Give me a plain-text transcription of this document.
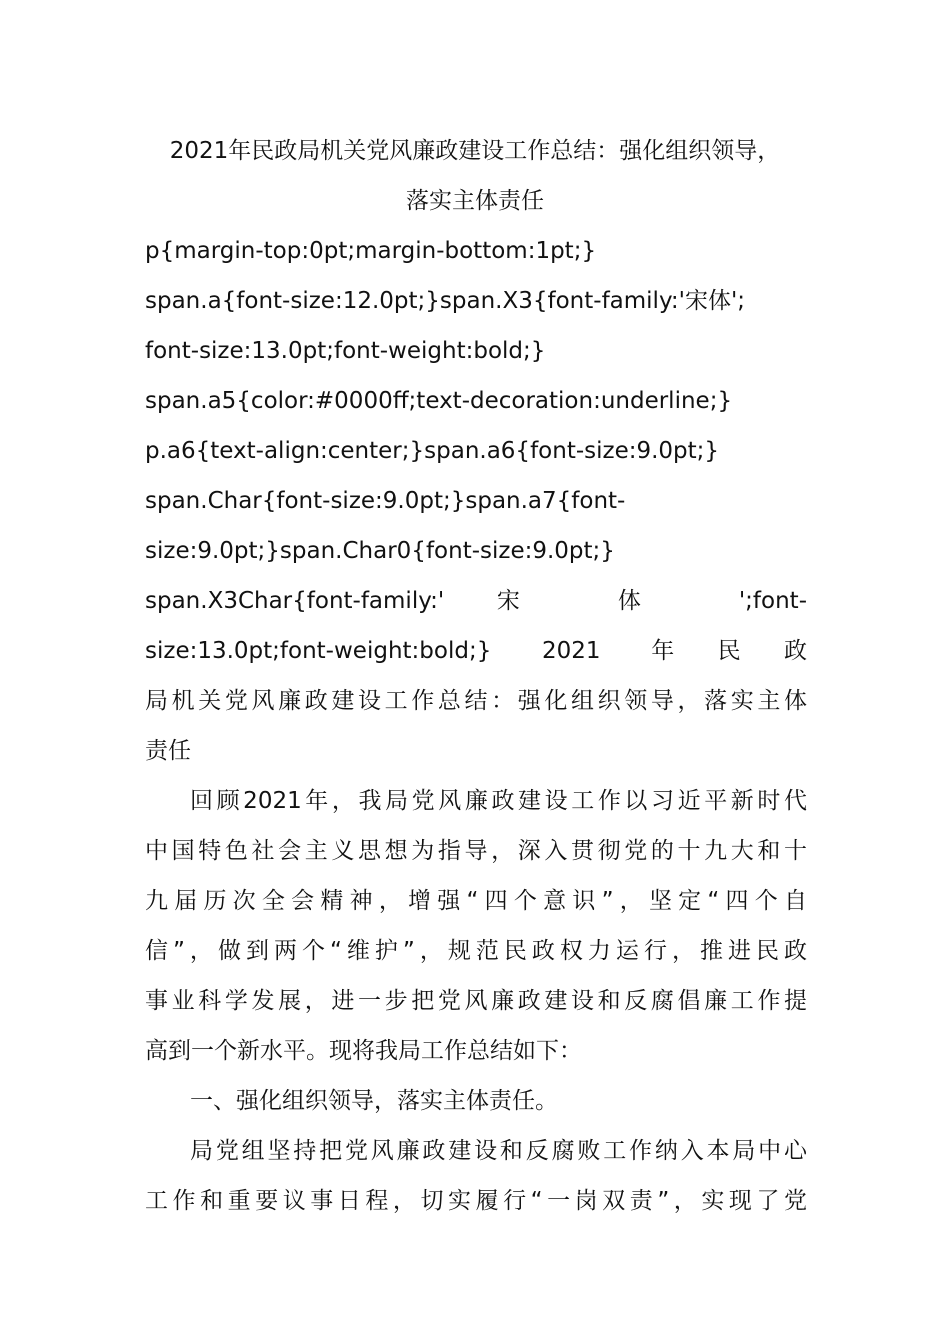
2021年民政局机关党风廉政建设工作总结：强化组织领导，
落实主体责任
p{margin-top:0pt;margin-bottom:1pt;}
span.a{font-size:12.0pt;}span.X3{font-family:'宋体';
font-size:13.0pt;font-weight:bold;}
span.a5{color:#0000ff;text-decoration:underline;}
p.a6{text-align:center;}span.a6{font-size:9.0pt;}
span.Char{font-size:9.0pt;}span.a7{font-
size:9.0pt;}span.Char0{font-size:9.0pt;}
span.X3Char{font-family:' 宋 体 ';font-
size:13.0pt;font-weight:bold;} 2021 年民政
局机关党风廉政建设工作总结：强化组织领导，落实主体
责任
回顾2021年，我局党风廉政建设工作以习近平新时代
中国特色社会主义思想为指导，深入贯彻党的十九大和十
九届历次全会精神，增强“四个意识”，坚定“四个自
信”，做到两个“维护”，规范民政权力运行，推进民政
事业科学发展，进一步把党风廉政建设和反腐倡廉工作提
高到一个新水平。现将我局工作总结如下：
一、强化组织领导，落实主体责任。
局党组坚持把党风廉政建设和反腐败工作纳入本局中心
工作和重要议事日程，切实履行“一岗双责”，实现了党
